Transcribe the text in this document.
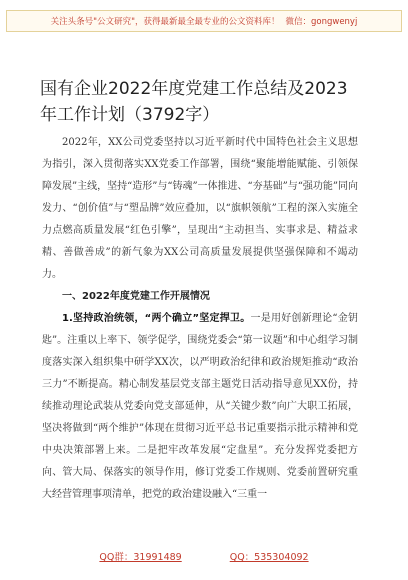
关注头条号"公文研究"，获得最新最全最专业的公文资料库！ 微信：gongwenyj
国有企业2022年度党建工作总结及2023年工作计划（3792字）

2022年，XX公司党委坚持以习近平新时代中国特色社会主义思想为指引，深入贯彻落实XX党委工作部署，围绕“聚能增能赋能、引领保障发展”主线，坚持“造形”与“铸魂”一体推进、“夯基础”与“强功能”同向发力、“创价值”与“塑品牌”效应叠加，以“旗帜领航”工程的深入实施全力点燃高质量发展“红色引擎”，呈现出“主动担当、实事求是、精益求精、善做善成”的新气象为XX公司高质量发展提供坚强保障和不竭动力。

一、2022年度党建工作开展情况

1.坚持政治统领，“两个确立”坚定捍卫。一是用好创新理论“金钥匙”。注重以上率下、领学促学，围绕党委会“第一议题”和中心组学习制度落实深入组织集中研学XX次，以严明政治纪律和政治规矩推动“政治三力”不断提高。精心制发基层党支部主题党日活动指导意见XX份，持续推动理论武装从党委向党支部延伸，从“关键少数”向广大职工拓展，坚决将做到“两个维护”体现在贯彻习近平总书记重要指示批示精神和党中央决策部署上来。二是把牢改革发展“定盘星”。充分发挥党委把方向、管大局、保落实的领导作用，修订党委工作规则、党委前置研究重大经营管理事项清单，把党的政治建设融入“三重一

QQ群：31991489	QQ：535304092
